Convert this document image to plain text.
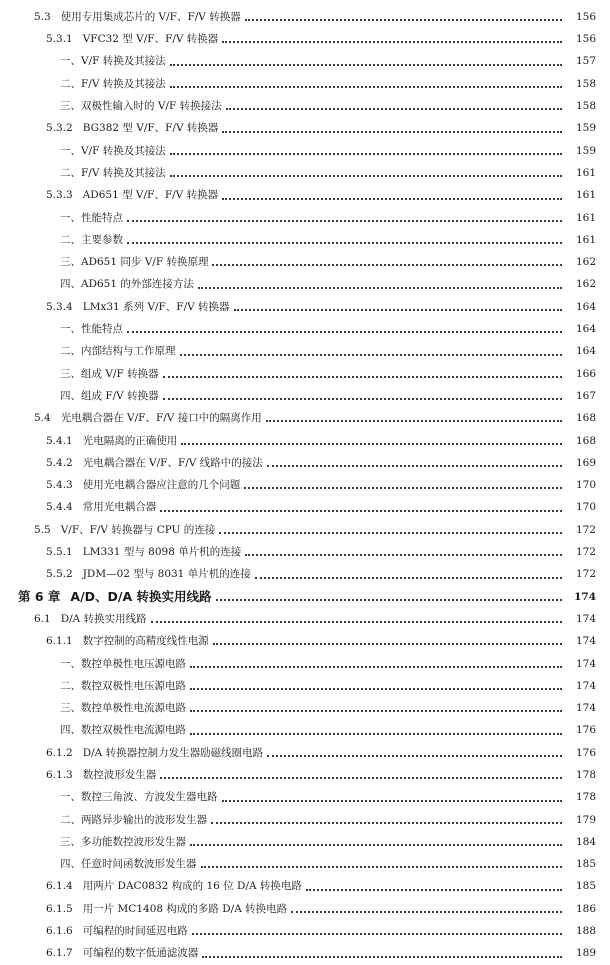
5.3 使用专用集成芯片的 V/F、F/V 转换器	156
5.3.1 VFC32 型 V/F、F/V 转换器	156
一、V/F 转换及其接法	157
二、F/V 转换及其接法	158
三、双极性输入时的 V/F 转换接法	158
5.3.2 BG382 型 V/F、F/V 转换器	159
一、V/F 转换及其接法	159
二、F/V 转换及其接法	161
5.3.3 AD651 型 V/F、F/V 转换器	161
一、性能特点	161
二、主要参数	161
三、AD651 同步 V/F 转换原理	162
四、AD651 的外部连接方法	162
5.3.4 LMx31 系列 V/F、F/V 转换器	164
一、性能特点	164
二、内部结构与工作原理	164
三、组成 V/F 转换器	166
四、组成 F/V 转换器	167
5.4 光电耦合器在 V/F、F/V 接口中的隔离作用	168
5.4.1 光电隔离的正确使用	168
5.4.2 光电耦合器在 V/F、F/V 线路中的接法	169
5.4.3 使用光电耦合器应注意的几个问题	170
5.4.4 常用光电耦合器	170
5.5 V/F、F/V 转换器与 CPU 的连接	172
5.5.1 LM331 型与 8098 单片机的连接	172
5.5.2 JDM—02 型与 8031 单片机的连接	172
第 6 章 A/D、D/A 转换实用线路	174
6.1 D/A 转换实用线路	174
6.1.1 数字控制的高精度线性电源	174
一、数控单极性电压源电路	174
二、数控双极性电压源电路	174
三、数控单极性电流源电路	174
四、数控双极性电流源电路	176
6.1.2 D/A 转换器控制力发生器励磁线圈电路	176
6.1.3 数控波形发生器	178
一、数控三角波、方波发生器电路	178
二、两路异步输出的波形发生器	179
三、多功能数控波形发生器	184
四、任意时间函数波形发生器	185
6.1.4 用两片 DAC0832 构成的 16 位 D/A 转换电路	185
6.1.5 用一片 MC1408 构成的多路 D/A 转换电路	186
6.1.6 可编程的时间延迟电路	188
6.1.7 可编程的数字低通滤波器	189
